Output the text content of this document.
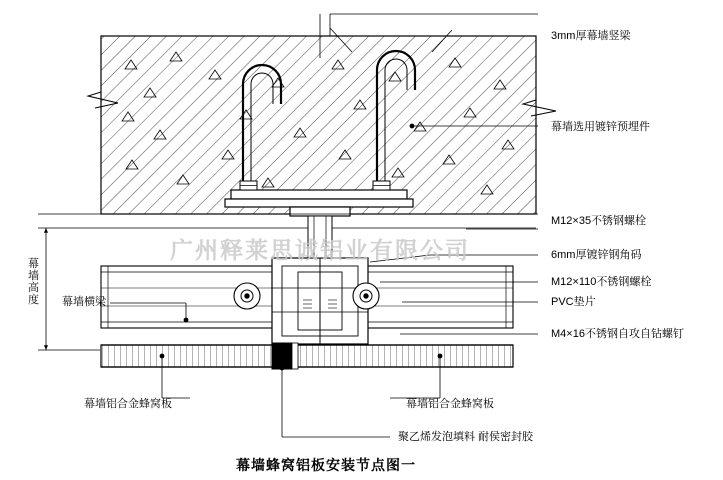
广州释莱思诚铝业有限公司
3mm厚幕墙竖梁
幕墙选用镀锌预埋件
M12×35不锈钢螺栓
6mm厚镀锌钢角码
M12×110不锈钢螺栓
PVC垫片
M4×16不锈钢自攻自钻螺钉
幕墙横梁
幕墙铝合金蜂窝板	幕墙铝合金蜂窝板
聚乙烯发泡填料 耐侯密封胶
幕墙高度
幕墙蜂窝铝板安装节点图一
